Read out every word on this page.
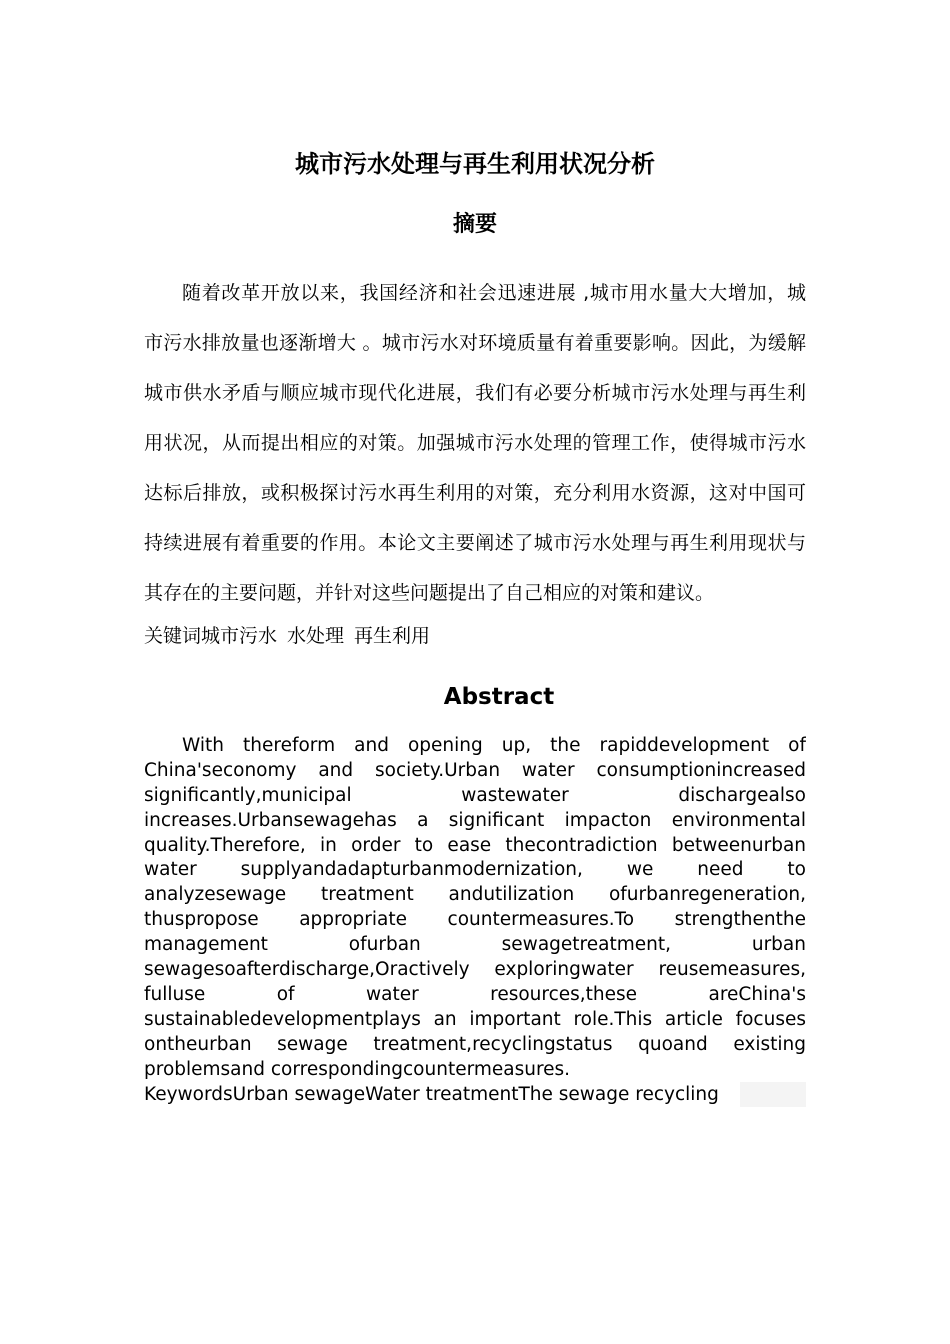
城市污水处理与再生利用状况分析
摘要
随着改革开放以来，我国经济和社会迅速进展 ,城市用水量大大增加，城
市污水排放量也逐渐增大 。城市污水对环境质量有着重要影响。因此，为缓解
城市供水矛盾与顺应城市现代化进展，我们有必要分析城市污水处理与再生利
用状况，从而提出相应的对策。加强城市污水处理的管理工作，使得城市污水
达标后排放，或积极探讨污水再生利用的对策，充分利用水资源，这对中国可
持续进展有着重要的作用。本论文主要阐述了城市污水处理与再生利用现状与
其存在的主要问题，并针对这些问题提出了自己相应的对策和建议。
关键词城市污水 水处理 再生利用
Abstract
With thereform and opening up, the rapiddevelopment of
China'seconomy and society.Urban water consumptionincreased
significantly,municipal wastewater dischargealso
increases.Urbansewagehas a significant impacton environmental
quality.Therefore, in order to ease thecontradiction betweenurban
water supplyandadapturbanmodernization, we need to
analyzesewage treatment andutilization ofurbanregeneration,
thuspropose appropriate countermeasures.To strengthenthe
management ofurban sewagetreatment, urban
sewagesoafterdischarge,Oractively exploringwater reusemeasures,
fulluse of water resources,these areChina's
sustainabledevelopmentplays an important role.This article focuses
ontheurban sewage treatment,recyclingstatus quoand existing
problemsand correspondingcountermeasures.
KeywordsUrban sewageWater treatmentThe sewage recycling
